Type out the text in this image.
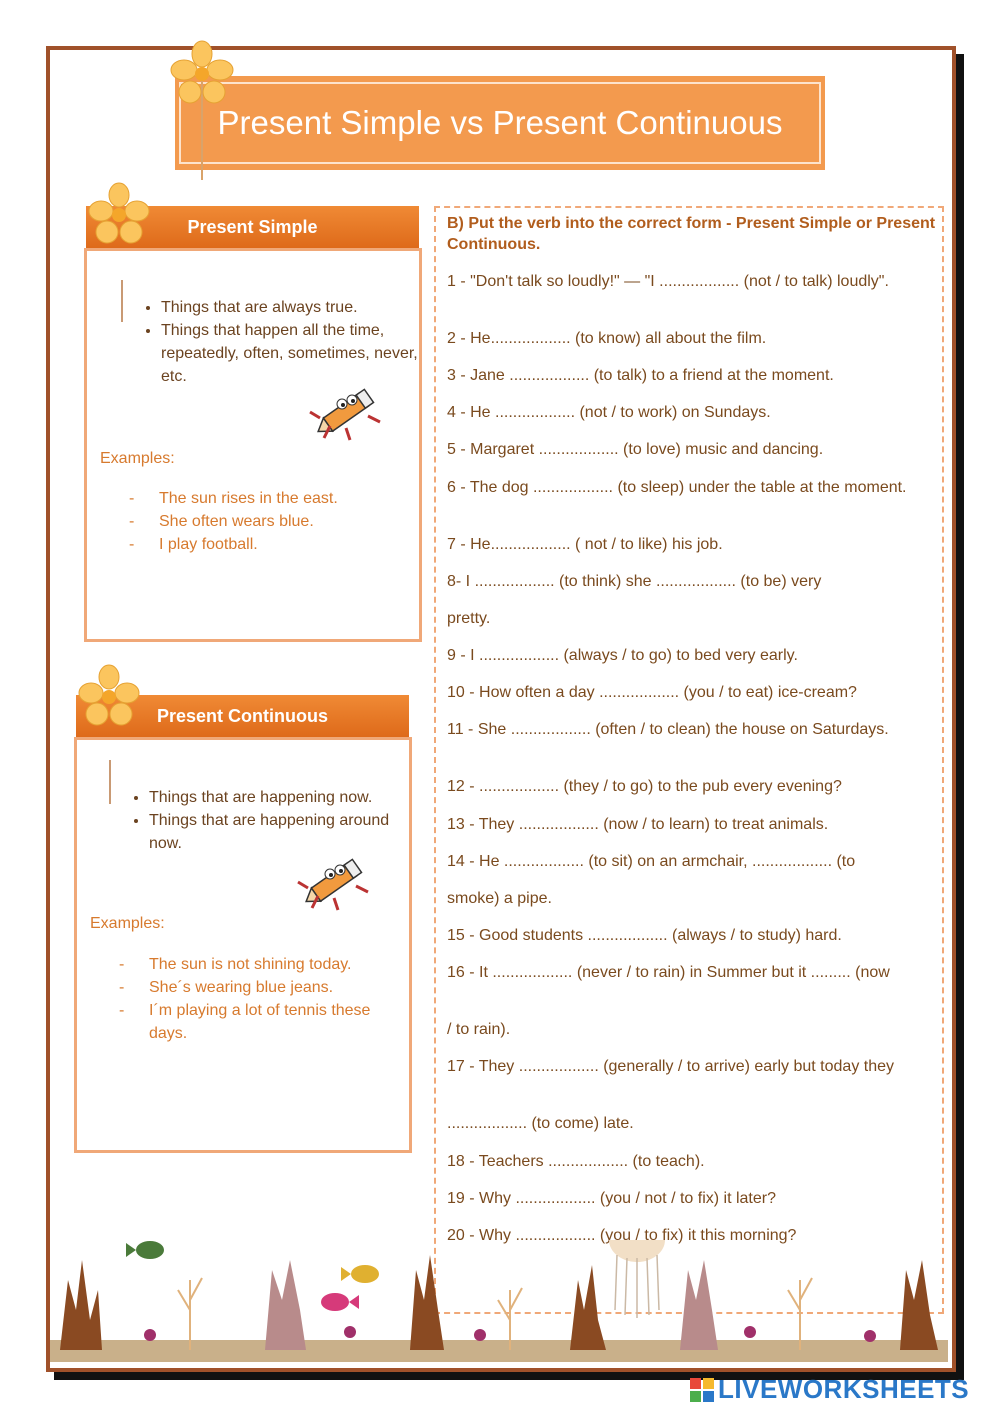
Present Simple vs Present Continuous
Present Simple
• Things that are always true.
• Things that happen all the time, repeatedly, often, sometimes, never, etc.
Examples:
- The sun rises in the east.
- She often wears blue.
- I play football.
Present Continuous
• Things that are happening now.
• Things that are happening around now.
Examples:
- The sun is not shining today.
- She´s wearing blue jeans.
- I´m playing a lot of tennis these days.
B) Put the verb into the correct form - Present Simple or Present Continuous.
1 - "Don't talk so loudly!" — "I .................. (not / to talk) loudly".
2 - He.................. (to know) all about the film.
3 - Jane .................. (to talk) to a friend at the moment.
4 - He .................. (not / to work) on Sundays.
5 - Margaret .................. (to love) music and dancing.
6 - The dog .................. (to sleep) under the table at the moment.
7 - He.................. ( not / to like) his job.
8- I .................. (to think) she .................. (to be) very
pretty.
9 - I .................. (always / to go) to bed very early.
10 - How often a day .................. (you / to eat) ice-cream?
11 - She .................. (often / to clean) the house on Saturdays.
12 - .................. (they / to go) to the pub every evening?
13 - They .................. (now / to learn) to treat animals.
14 - He .................. (to sit) on an armchair, .................. (to
smoke) a pipe.
15 - Good students .................. (always / to study) hard.
16 - It .................. (never / to rain) in Summer but it ......... (now
/ to rain).
17 - They .................. (generally / to arrive) early but today they
.................. (to come) late.
18 - Teachers .................. (to teach).
19 - Why .................. (you / not / to fix) it later?
20 - Why .................. (you / to fix) it this morning?
LIVEWORKSHEETS
